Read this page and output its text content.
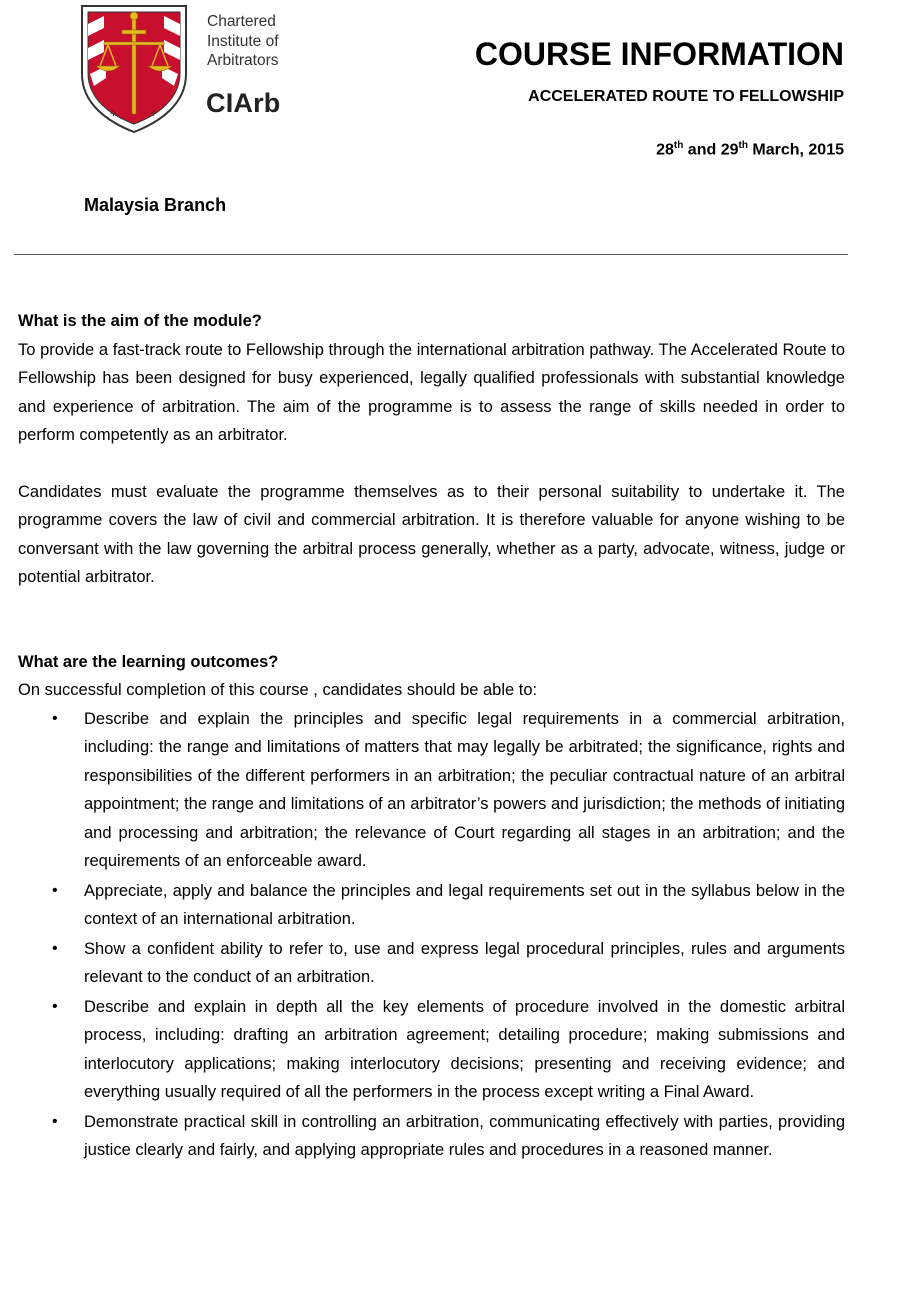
✢	✢
Chartered
Institute of
Arbitrators
CIArb
COURSE INFORMATION
ACCELERATED ROUTE TO FELLOWSHIP
28th and 29th March, 2015
Malaysia Branch

What is the aim of the module?

To provide a fast-track route to Fellowship through the international arbitration pathway. The Accelerated Route to Fellowship has been designed for busy experienced, legally qualified professionals with substantial knowledge and experience of arbitration. The aim of the programme is to assess the range of skills needed in order to perform competently as an arbitrator.

Candidates must evaluate the programme themselves as to their personal suitability to undertake it. The programme covers the law of civil and commercial arbitration. It is therefore valuable for anyone wishing to be conversant with the law governing the arbitral process generally, whether as a party, advocate, witness, judge or potential arbitrator.

What are the learning outcomes?

On successful completion of this course , candidates should be able to:

• Describe and explain the principles and specific legal requirements in a commercial arbitration, including: the range and limitations of matters that may legally be arbitrated; the significance, rights and responsibilities of the different performers in an arbitration; the peculiar contractual nature of an arbitral appointment; the range and limitations of an arbitrator’s powers and jurisdiction; the methods of initiating and processing and arbitration; the relevance of Court regarding all stages in an arbitration; and the requirements of an enforceable award.
• Appreciate, apply and balance the principles and legal requirements set out in the syllabus below in the context of an international arbitration.
• Show a confident ability to refer to, use and express legal procedural principles, rules and arguments relevant to the conduct of an arbitration.
• Describe and explain in depth all the key elements of procedure involved in the domestic arbitral process, including: drafting an arbitration agreement; detailing procedure; making submissions and interlocutory applications; making interlocutory decisions; presenting and receiving evidence; and everything usually required of all the performers in the process except writing a Final Award.
• Demonstrate practical skill in controlling an arbitration, communicating effectively with parties, providing justice clearly and fairly, and applying appropriate rules and procedures in a reasoned manner.
